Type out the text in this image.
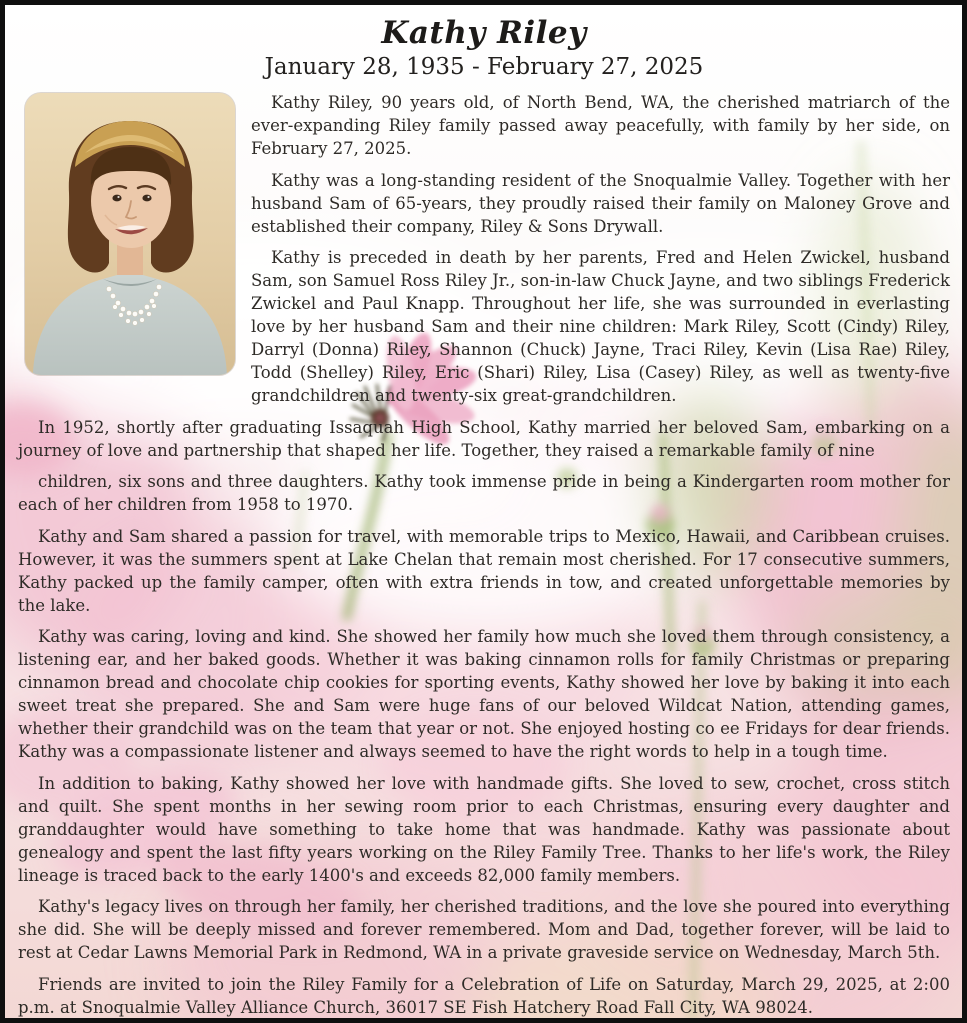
Kathy Riley
January 28, 1935 - February 27, 2025

Kathy Riley, 90 years old, of North Bend, WA, the cherished matriarch of the ever-expanding Riley family passed away peacefully, with family by her side, on February 27, 2025.

Kathy was a long-standing resident of the Snoqualmie Valley. Together with her husband Sam of 65-years, they proudly raised their family on Maloney Grove and established their company, Riley & Sons Drywall.

Kathy is preceded in death by her parents, Fred and Helen Zwickel, husband Sam, son Samuel Ross Riley Jr., son-in-law Chuck Jayne, and two siblings Frederick Zwickel and Paul Knapp. Throughout her life, she was surrounded in everlasting love by her husband Sam and their nine children: Mark Riley, Scott (Cindy) Riley, Darryl (Donna) Riley, Shannon (Chuck) Jayne, Traci Riley, Kevin (Lisa Rae) Riley, Todd (Shelley) Riley, Eric (Shari) Riley, Lisa (Casey) Riley, as well as twenty-five grandchildren and twenty-six great-grandchildren.

In 1952, shortly after graduating Issaquah High School, Kathy married her beloved Sam, embarking on a journey of love and partnership that shaped her life. Together, they raised a remarkable family of nine

children, six sons and three daughters. Kathy took immense pride in being a Kindergarten room mother for each of her children from 1958 to 1970.

Kathy and Sam shared a passion for travel, with memorable trips to Mexico, Hawaii, and Caribbean cruises. However, it was the summers spent at Lake Chelan that remain most cherished. For 17 consecutive summers, Kathy packed up the family camper, often with extra friends in tow, and created unforgettable memories by the lake.

Kathy was caring, loving and kind. She showed her family how much she loved them through consistency, a listening ear, and her baked goods. Whether it was baking cinnamon rolls for family Christmas or preparing cinnamon bread and chocolate chip cookies for sporting events, Kathy showed her love by baking it into each sweet treat she prepared. She and Sam were huge fans of our beloved Wildcat Nation, attending games, whether their grandchild was on the team that year or not. She enjoyed hosting co ee Fridays for dear friends. Kathy was a compassionate listener and always seemed to have the right words to help in a tough time.

In addition to baking, Kathy showed her love with handmade gifts. She loved to sew, crochet, cross stitch and quilt. She spent months in her sewing room prior to each Christmas, ensuring every daughter and granddaughter would have something to take home that was handmade. Kathy was passionate about genealogy and spent the last fifty years working on the Riley Family Tree. Thanks to her life's work, the Riley lineage is traced back to the early 1400's and exceeds 82,000 family members.

Kathy's legacy lives on through her family, her cherished traditions, and the love she poured into everything she did. She will be deeply missed and forever remembered. Mom and Dad, together forever, will be laid to rest at Cedar Lawns Memorial Park in Redmond, WA in a private graveside service on Wednesday, March 5th.

Friends are invited to join the Riley Family for a Celebration of Life on Saturday, March 29, 2025, at 2:00 p.m. at Snoqualmie Valley Alliance Church, 36017 SE Fish Hatchery Road Fall City, WA 98024.
